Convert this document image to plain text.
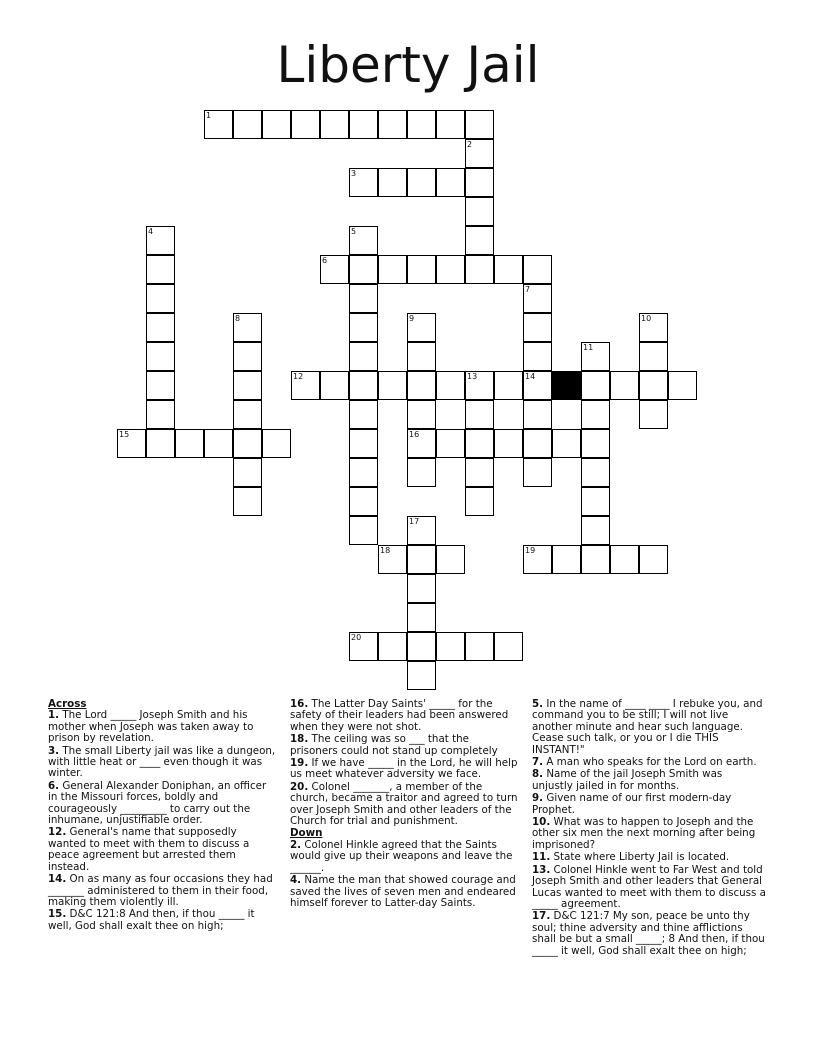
Liberty Jail
1
3
6
12	13	14
15	16
18	19
20
2
4	5
7
8	9	10
11
17
Across
1. The Lord _____ Joseph Smith and his mother when Joseph was taken away to prison by revelation.
3. The small Liberty jail was like a dungeon, with little heat or ____ even though it was winter.
6. General Alexander Doniphan, an officer in the Missouri forces, boldly and courageously _________ to carry out the inhumane, unjustifiable order.
12. General's name that supposedly wanted to meet with them to discuss a peace agreement but arrested them instead.
14. On as many as four occasions they had _______ administered to them in their food, making them violently ill.
15. D&C 121:8 And then, if thou _____ it well, God shall exalt thee on high;
16. The Latter Day Saints' _____ for the safety of their leaders had been answered when they were not shot.
18. The ceiling was so ___ that the prisoners could not stand up completely
19. If we have _____ in the Lord, he will help us meet whatever adversity we face.
20. Colonel _______, a member of the church, became a traitor and agreed to turn over Joseph Smith and other leaders of the Church for trial and punishment.
Down
2. Colonel Hinkle agreed that the Saints would give up their weapons and leave the ______.
4. Name the man that showed courage and saved the lives of seven men and endeared himself forever to Latter-day Saints.
5. In the name of ____ ____ I rebuke you, and command you to be still; I will not live another minute and hear such language. Cease such talk, or you or I die THIS INSTANT!"
7. A man who speaks for the Lord on earth.
8. Name of the jail Joseph Smith was unjustly jailed in for months.
9. Given name of our first modern-day Prophet.
10. What was to happen to Joseph and the other six men the next morning after being imprisoned?
11. State where Liberty Jail is located.
13. Colonel Hinkle went to Far West and told Joseph Smith and other leaders that General Lucas wanted to meet with them to discuss a _____ agreement.
17. D&C 121:7 My son, peace be unto thy soul; thine adversity and thine afflictions shall be but a small _____; 8 And then, if thou _____ it well, God shall exalt thee on high;
